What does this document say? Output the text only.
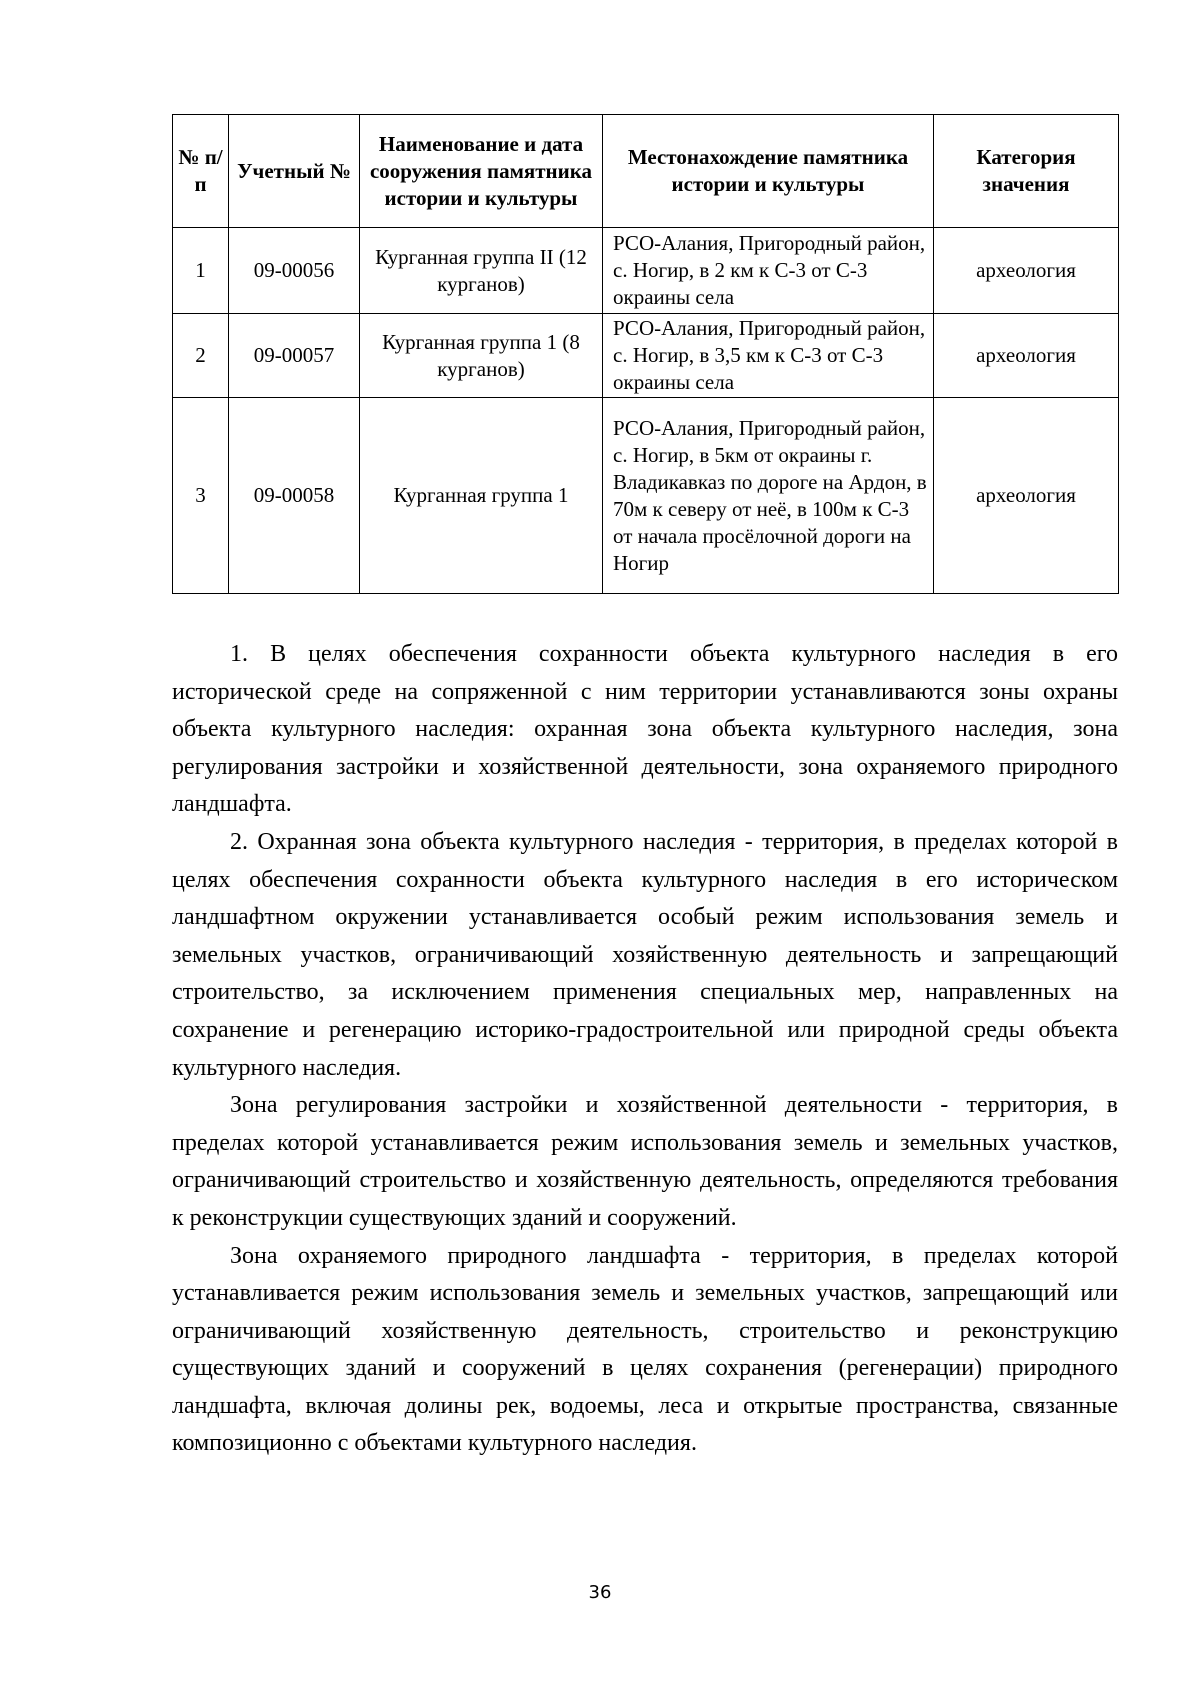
№ п/п	Учетный №	Наименование и дата сооружения памятника истории и культуры	Местонахождение памятника истории и культуры	Категория значения
1	09-00056	Курганная группа II (12 курганов)	РСО-Алания, Пригородный район, с. Ногир, в 2 км к С-3 от С-3 окраины села	археология
2	09-00057	Курганная группа 1 (8 курганов)	РСО-Алания, Пригородный район, с. Ногир, в 3,5 км к С-3 от С-3 окраины села	археология
3	09-00058	Курганная группа 1	РСО-Алания, Пригородный район, с. Ногир, в 5км от окраины г. Владикавказ по дороге на Ардон, в 70м к северу от неё, в 100м к С-3 от начала просёлочной дороги на Ногир	археология

1. В целях обеспечения сохранности объекта культурного наследия в его исторической среде на сопряженной с ним территории устанавливаются зоны охраны объекта культурного наследия: охранная зона объекта культурного наследия, зона регулирования застройки и хозяйственной деятельности, зона охраняемого природного ландшафта.

2. Охранная зона объекта культурного наследия - территория, в пределах которой в целях обеспечения сохранности объекта культурного наследия в его историческом ландшафтном окружении устанавливается особый режим использования земель и земельных участков, ограничивающий хозяйственную деятельность и запрещающий строительство, за исключением применения специальных мер, направленных на сохранение и регенерацию историко-градостроительной или природной среды объекта культурного наследия.

Зона регулирования застройки и хозяйственной деятельности - территория, в пределах которой устанавливается режим использования земель и земельных участков, ограничивающий строительство и хозяйственную деятельность, определяются требования к реконструкции существующих зданий и сооружений.

Зона охраняемого природного ландшафта - территория, в пределах которой устанавливается режим использования земель и земельных участков, запрещающий или ограничивающий хозяйственную деятельность, строительство и реконструкцию существующих зданий и сооружений в целях сохранения (регенерации) природного ландшафта, включая долины рек, водоемы, леса и открытые пространства, связанные композиционно с объектами культурного наследия.

36
